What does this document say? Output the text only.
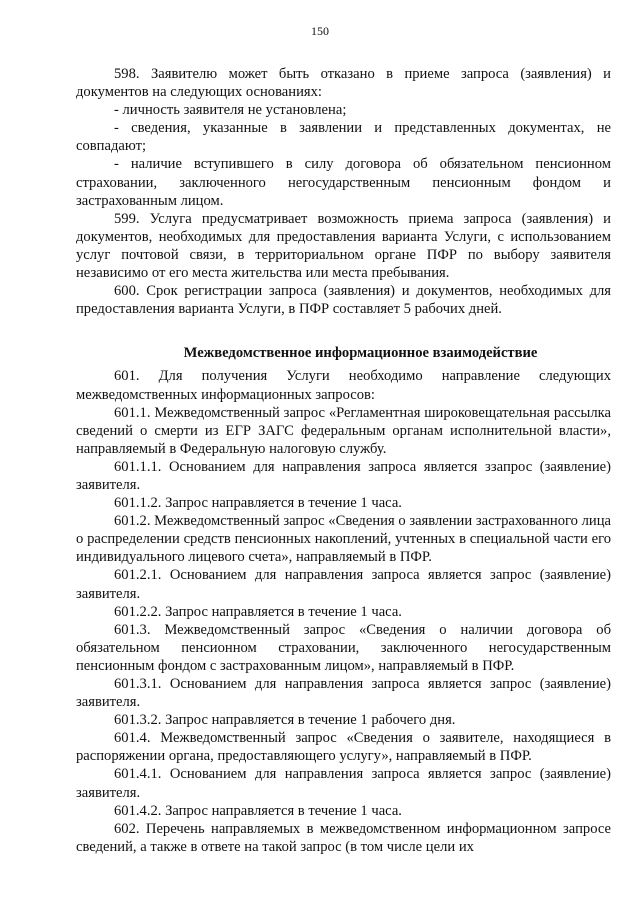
150

598. Заявителю может быть отказано в приеме запроса (заявления) и документов на следующих основаниях:

- личность заявителя не установлена;

- сведения, указанные в заявлении и представленных документах, не совпадают;

- наличие вступившего в силу договора об обязательном пенсионном страховании, заключенного негосударственным пенсионным фондом и застрахованным лицом.

599. Услуга предусматривает возможность приема запроса (заявления) и документов, необходимых для предоставления варианта Услуги, с использованием услуг почтовой связи, в территориальном органе ПФР по выбору заявителя независимо от его места жительства или места пребывания.

600. Срок регистрации запроса (заявления) и документов, необходимых для предоставления варианта Услуги, в ПФР составляет 5 рабочих дней.

Межведомственное информационное взаимодействие

601. Для получения Услуги необходимо направление следующих межведомственных информационных запросов:

601.1. Межведомственный запрос «Регламентная широковещательная рассылка сведений о смерти из ЕГР ЗАГС федеральным органам исполнительной власти», направляемый в Федеральную налоговую службу.

601.1.1. Основанием для направления запроса является ззапрос (заявление) заявителя.

601.1.2. Запрос направляется в течение 1 часа.

601.2. Межведомственный запрос «Сведения о заявлении застрахованного лица о распределении средств пенсионных накоплений, учтенных в специальной части его индивидуального лицевого счета», направляемый в ПФР.

601.2.1. Основанием для направления запроса является запрос (заявление) заявителя.

601.2.2. Запрос направляется в течение 1 часа.

601.3. Межведомственный запрос «Сведения о наличии договора об обязательном пенсионном страховании, заключенного негосударственным пенсионным фондом с застрахованным лицом», направляемый в ПФР.

601.3.1. Основанием для направления запроса является запрос (заявление) заявителя.

601.3.2. Запрос направляется в течение 1 рабочего дня.

601.4. Межведомственный запрос «Сведения о заявителе, находящиеся в распоряжении органа, предоставляющего услугу», направляемый в ПФР.

601.4.1. Основанием для направления запроса является запрос (заявление) заявителя.

601.4.2. Запрос направляется в течение 1 часа.

602. Перечень направляемых в межведомственном информационном запросе сведений, а также в ответе на такой запрос (в том числе цели их
